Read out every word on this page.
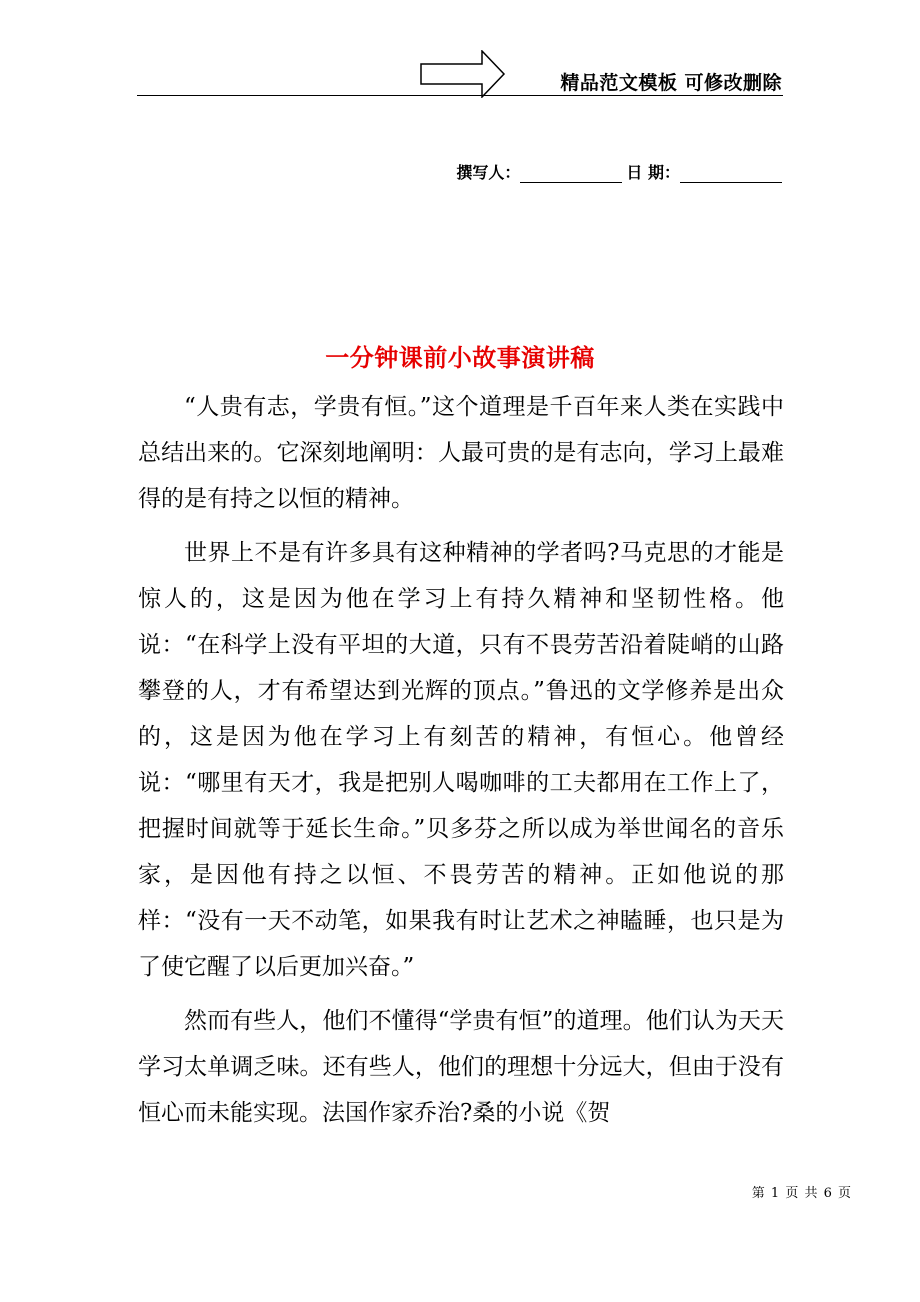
精品范文模板 可修改删除
撰写人：	日 期：
一分钟课前小故事演讲稿

“人贵有志，学贵有恒。”这个道理是千百年来人类在实践中总结出来的。它深刻地阐明：人最可贵的是有志向，学习上最难得的是有持之以恒的精神。

世界上不是有许多具有这种精神的学者吗?马克思的才能是惊人的，这是因为他在学习上有持久精神和坚韧性格。他说：“在科学上没有平坦的大道，只有不畏劳苦沿着陡峭的山路攀登的人，才有希望达到光辉的顶点。”鲁迅的文学修养是出众的，这是因为他在学习上有刻苦的精神，有恒心。他曾经说：“哪里有天才，我是把别人喝咖啡的工夫都用在工作上了，把握时间就等于延长生命。”贝多芬之所以成为举世闻名的音乐家，是因他有持之以恒、不畏劳苦的精神。正如他说的那样：“没有一天不动笔，如果我有时让艺术之神瞌睡，也只是为了使它醒了以后更加兴奋。”

然而有些人，他们不懂得“学贵有恒”的道理。他们认为天天学习太单调乏味。还有些人，他们的理想十分远大，但由于没有恒心而未能实现。法国作家乔治?桑的小说《贺

第 1 页 共 6 页
